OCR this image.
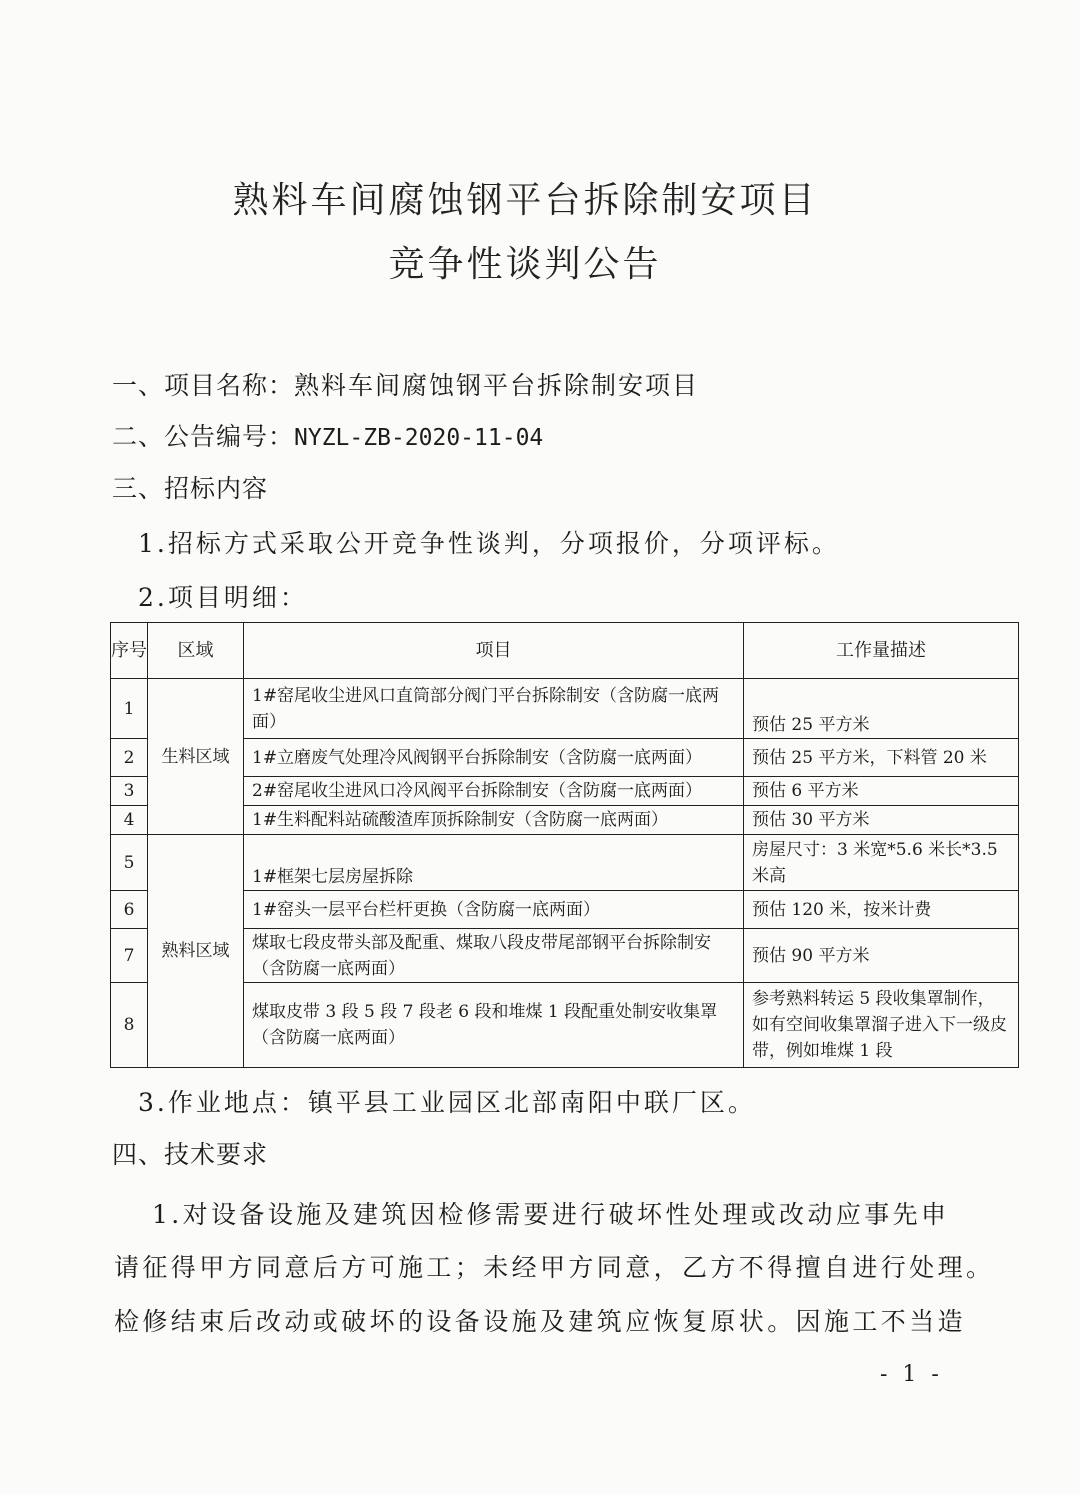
熟料车间腐蚀钢平台拆除制安项目
竞争性谈判公告
一、项目名称：熟料车间腐蚀钢平台拆除制安项目
二、公告编号：NYZL-ZB-2020-11-04
三、招标内容
1.招标方式采取公开竞争性谈判，分项报价，分项评标。
2.项目明细：
序号	区域	项目	工作量描述
1	生料区域	1#窑尾收尘进风口直筒部分阀门平台拆除制安（含防腐一底两面）	预估 25 平方米
2		1#立磨废气处理冷风阀钢平台拆除制安（含防腐一底两面）	预估 25 平方米，下料管 20 米
3		2#窑尾收尘进风口冷风阀平台拆除制安（含防腐一底两面）	预估 6 平方米
4		1#生料配料站硫酸渣库顶拆除制安（含防腐一底两面）	预估 30 平方米
5	熟料区域	1#框架七层房屋拆除	房屋尺寸：3 米宽*5.6 米长*3.5 米高
6		1#窑头一层平台栏杆更换（含防腐一底两面）	预估 120 米，按米计费
7		煤取七段皮带头部及配重、煤取八段皮带尾部钢平台拆除制安（含防腐一底两面）	预估 90 平方米
8		煤取皮带 3 段 5 段 7 段老 6 段和堆煤 1 段配重处制安收集罩（含防腐一底两面）	参考熟料转运 5 段收集罩制作，如有空间收集罩溜子进入下一级皮带，例如堆煤 1 段
3.作业地点：镇平县工业园区北部南阳中联厂区。
四、技术要求
1.对设备设施及建筑因检修需要进行破坏性处理或改动应事先申
请征得甲方同意后方可施工；未经甲方同意，乙方不得擅自进行处理。
检修结束后改动或破坏的设备设施及建筑应恢复原状。因施工不当造
- 1 -
